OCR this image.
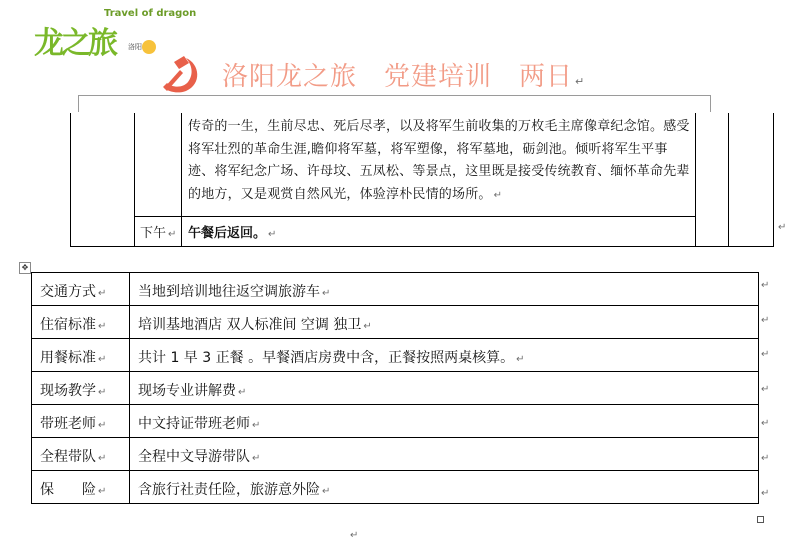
龙之旅
Travel of dragon
洛阳
洛阳龙之旅　党建培训　两日 ↵
传奇的一生，生前尽忠、死后尽孝，以及将军生前收集的万枚毛主席像章纪念馆。感受将军壮烈的革命生涯,瞻仰将军墓，将军塑像，将军墓地，砺剑池。倾听将军生平事迹、将军纪念广场、许母坟、五凤松、等景点，这里既是接受传统教育、缅怀革命先辈的地方，又是观赏自然风光，体验淳朴民情的场所。 ↵
下午 ↵ 午餐后返回。 ↵
↵
✥
交通方式 ↵	当地到培训地往返空调旅游车 ↵
住宿标准 ↵	培训基地酒店 双人标准间 空调 独卫 ↵
用餐标准 ↵	共计 1 早 3 正餐 。早餐酒店房费中含，正餐按照两桌核算。 ↵
现场教学 ↵	现场专业讲解费 ↵
带班老师 ↵	中文持证带班老师 ↵
全程带队 ↵	全程中文导游带队 ↵
保　　险 ↵	含旅行社责任险，旅游意外险 ↵
↵
↵
↵
↵
↵
↵
↵
↵
